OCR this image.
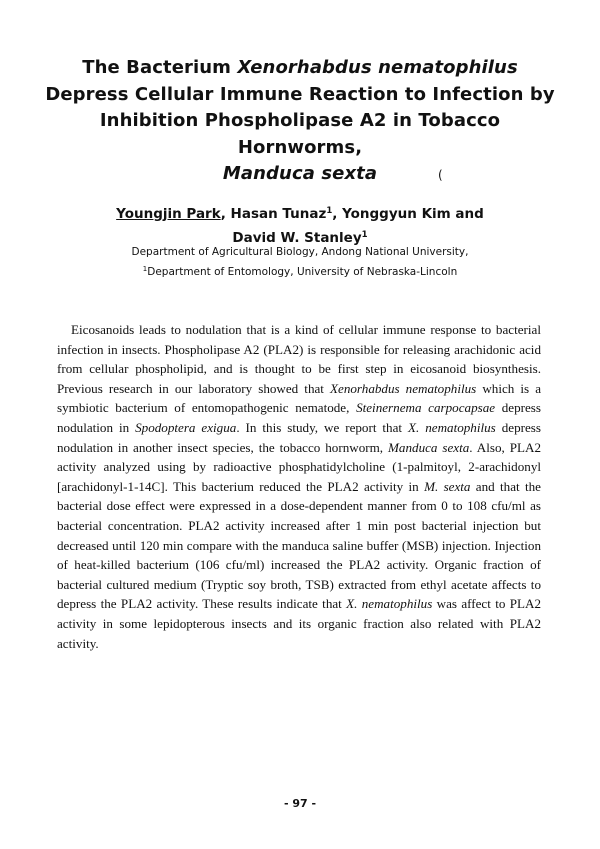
The Bacterium Xenorhabdus nematophilus Depress Cellular Immune Reaction to Infection by Inhibition Phospholipase A2 in Tobacco Hornworms,
Manduca sexta	(

Youngjin Park, Hasan Tunaz$^1$, Yonggyun Kim and
David W. Stanley$^1$

Department of Agricultural Biology, Andong National University,
$^1$Department of Entomology, University of Nebraska-Lincoln

Eicosanoids leads to nodulation that is a kind of cellular immune response to bacterial infection in insects. Phospholipase A2 (PLA2) is responsible for releasing arachidonic acid from cellular phospholipid, and is thought to be first step in eicosanoid biosynthesis. Previous research in our laboratory showed that Xenorhabdus nematophilus which is a symbiotic bacterium of entomopathogenic nematode, Steinernema carpocapsae depress nodulation in Spodoptera exigua. In this study, we report that X. nematophilus depress nodulation in another insect species, the tobacco hornworm, Manduca sexta. Also, PLA2 activity analyzed using by radioactive phosphatidylcholine (1-palmitoyl, 2-arachidonyl [arachidonyl-1-14C]. This bacterium reduced the PLA2 activity in M. sexta and that the bacterial dose effect were expressed in a dose-dependent manner from 0 to 108 cfu/ml as bacterial concentration. PLA2 activity increased after 1 min post bacterial injection but decreased until 120 min compare with the manduca saline buffer (MSB) injection. Injection of heat-killed bacterium (106 cfu/ml) increased the PLA2 activity. Organic fraction of bacterial cultured medium (Tryptic soy broth, TSB) extracted from ethyl acetate affects to depress the PLA2 activity. These results indicate that X. nematophilus was affect to PLA2 activity in some lepidopterous insects and its organic fraction also related with PLA2 activity.

- 97 -
